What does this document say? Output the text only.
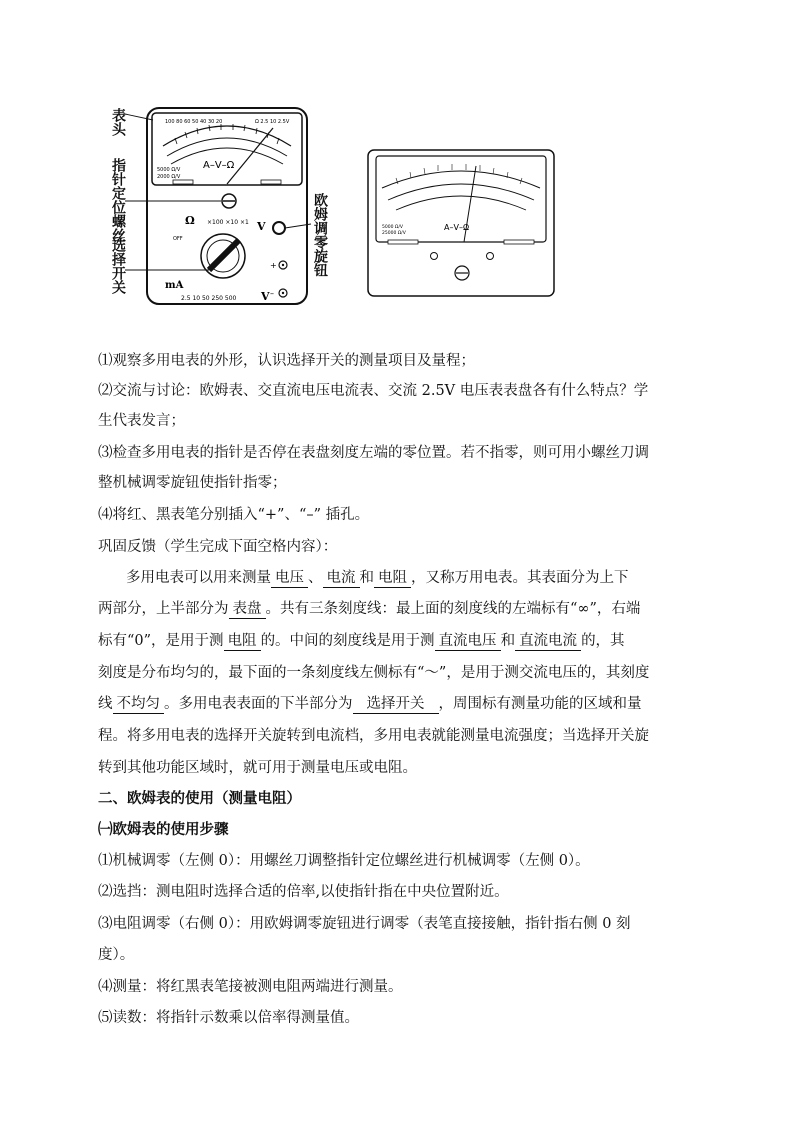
表头
指针定位螺丝
选择开关	欧姆调零旋钮
100 80 60 50 40 30 20	Ω 2.5 10 2.5V
A–V–Ω
5000 Ω/V
2000 Ω/V
Ω ×100 ×10 ×1 V
OFF
mA
2.5 10 50 250 500 V
+
–
A–V–Ω
5000 Ω/V
25000 Ω/V
⑴观察多用电表的外形，认识选择开关的测量项目及量程；
⑵交流与讨论：欧姆表、交直流电压电流表、交流 2.5V 电压表表盘各有什么特点？学
生代表发言；
⑶检查多用电表的指针是否停在表盘刻度左端的零位置。若不指零，则可用小螺丝刀调
整机械调零旋钮使指针指零；
⑷将红、黑表笔分别插入“+”、“–” 插孔。
巩固反馈（学生完成下面空格内容）：
多用电表可以用来测量 电压 、 电流 和 电阻 ，又称万用电表。其表面分为上下
两部分，上半部分为 表盘 。共有三条刻度线：最上面的刻度线的左端标有“∞”，右端
标有“0”，是用于测 电阻 的。中间的刻度线是用于测 直流电压 和 直流电流 的，其
刻度是分布均匀的，最下面的一条刻度线左侧标有“～”，是用于测交流电压的，其刻度
线 不均匀 。多用电表表面的下半部分为 选择开关 ，周围标有测量功能的区域和量
程。将多用电表的选择开关旋转到电流档，多用电表就能测量电流强度；当选择开关旋
转到其他功能区域时，就可用于测量电压或电阻。
二、欧姆表的使用（测量电阻）
㈠欧姆表的使用步骤
⑴机械调零（左侧 0）：用螺丝刀调整指针定位螺丝进行机械调零（左侧 0）。
⑵选挡：测电阻时选择合适的倍率,以使指针指在中央位置附近。
⑶电阻调零（右侧 0）：用欧姆调零旋钮进行调零（表笔直接接触，指针指右侧 0 刻
度）。
⑷测量：将红黑表笔接被测电阻两端进行测量。
⑸读数：将指针示数乘以倍率得测量值。
